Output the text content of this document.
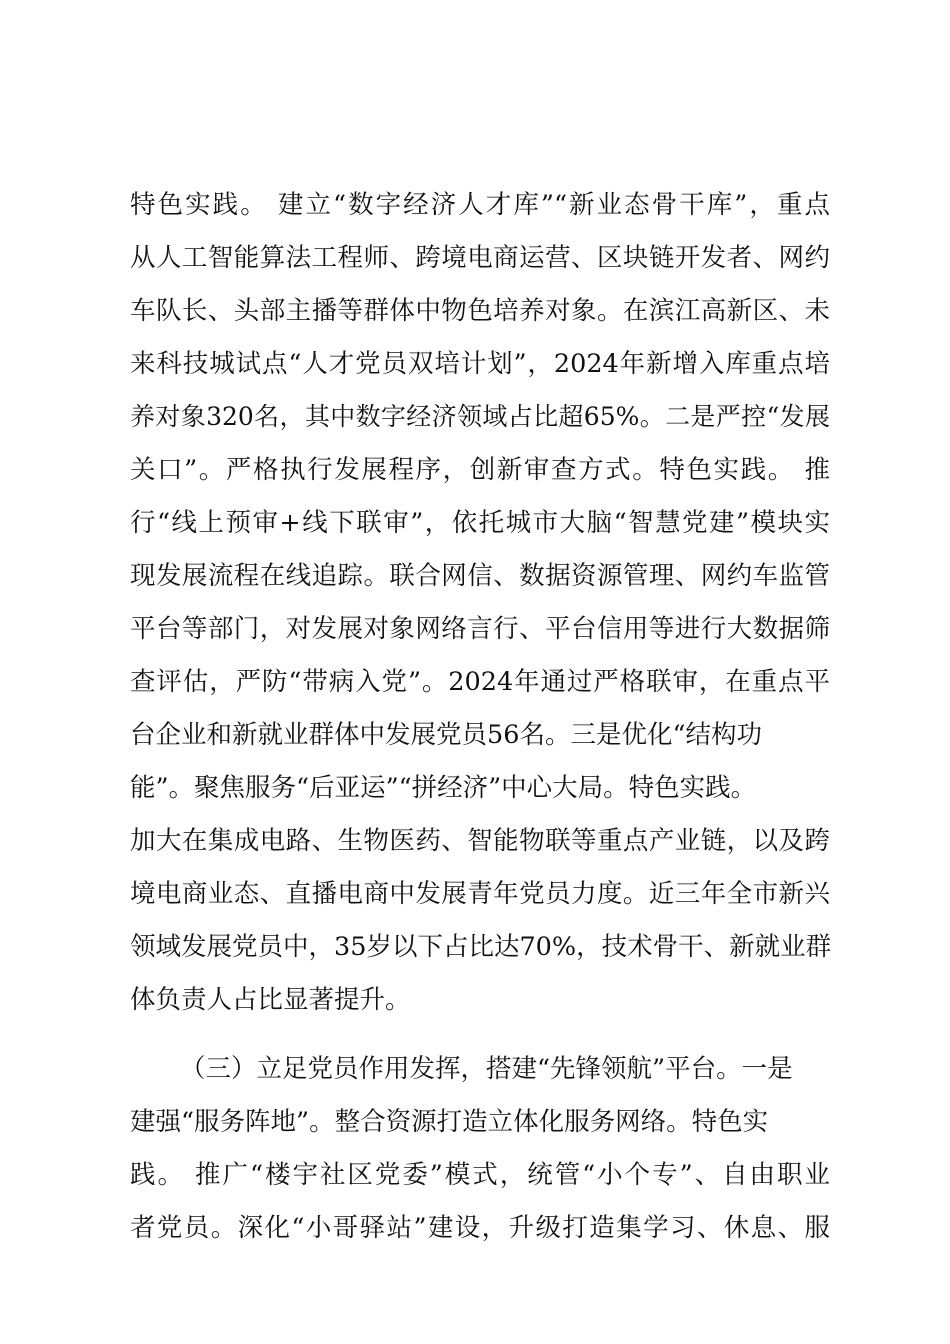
特色实践。 建立“数字经济人才库”“新业态骨干库”，重点
从人工智能算法工程师、跨境电商运营、区块链开发者、网约
车队长、头部主播等群体中物色培养对象。在滨江高新区、未
来科技城试点“人才党员双培计划”，2024年新增入库重点培
养对象320名，其中数字经济领域占比超65%。二是严控“发展
关口”。严格执行发展程序，创新审查方式。特色实践。 推
行“线上预审+线下联审”，依托城市大脑“智慧党建”模块实
现发展流程在线追踪。联合网信、数据资源管理、网约车监管
平台等部门，对发展对象网络言行、平台信用等进行大数据筛
查评估，严防“带病入党”。2024年通过严格联审，在重点平
台企业和新就业群体中发展党员56名。三是优化“结构功
能”。聚焦服务“后亚运”“拼经济”中心大局。特色实践。
加大在集成电路、生物医药、智能物联等重点产业链，以及跨
境电商业态、直播电商中发展青年党员力度。近三年全市新兴
领域发展党员中，35岁以下占比达70%，技术骨干、新就业群
体负责人占比显著提升。
（三）立足党员作用发挥，搭建“先锋领航”平台。一是
建强“服务阵地”。整合资源打造立体化服务网络。特色实
践。 推广“楼宇社区党委”模式，统管“小个专”、自由职业
者党员。深化“小哥驿站”建设，升级打造集学习、休息、服
